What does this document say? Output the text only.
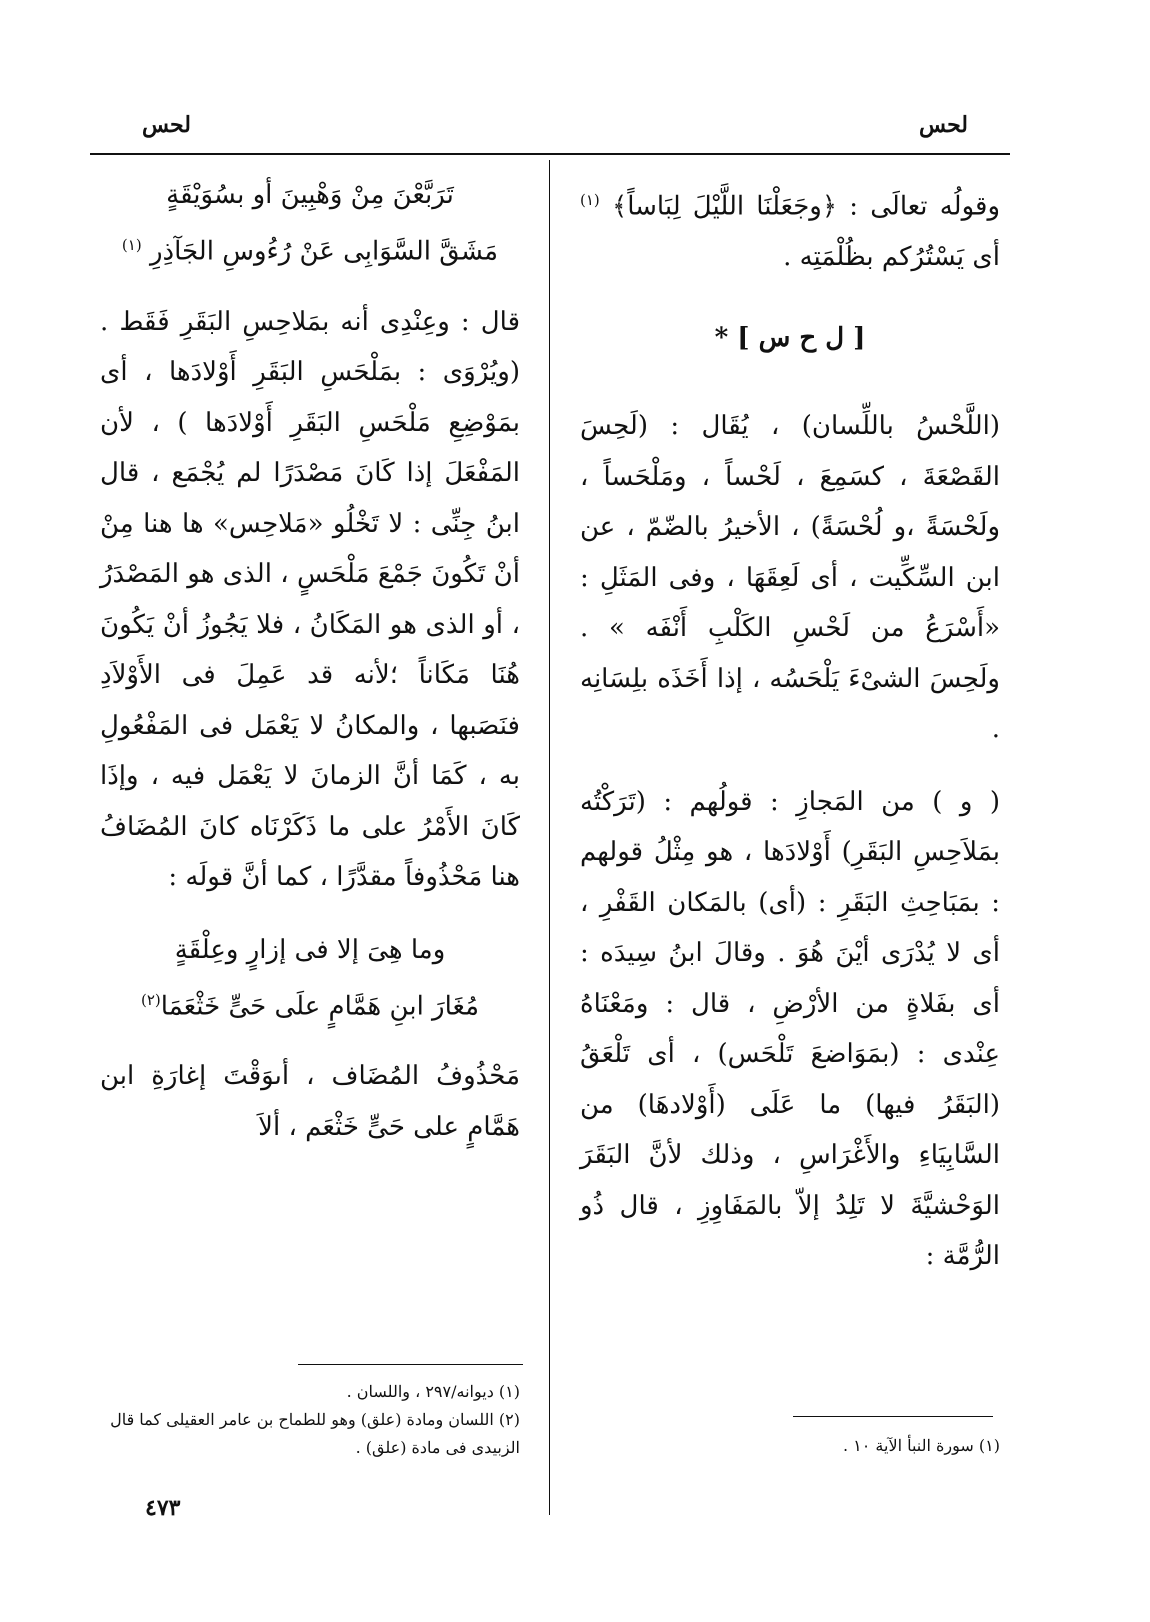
لحس	لحس

وقولُه تعالَى : ﴿وجَعَلْنَا اللَّيْلَ لِبَاساً﴾ $^{(١)}$ أى يَسْتُرُكم بظُلْمَتِه .

[ ل ح س ] *

(اللَّحْسُ باللِّسان) ، يُقَال : (لَحِسَ القَصْعَةَ ، كسَمِعَ ، لَحْساً ، ومَلْحَساً ، ولَحْسَةً ،و لُحْسَةً) ، الأخيرُ بالضّمّ ، عن ابن السِّكِّيت ، أى لَعِقَهَا ، وفى المَثَلِ : «أَسْرَعُ من لَحْسِ الكَلْبِ أَنْفَه » . ولَحِسَ الشىْءَ يَلْحَسُه ، إذا أَخَذَه بلِسَانِه .

( و ) من المَجازِ : قولُهم : (تَرَكْتُه بمَلاَحِسِ البَقَرِ) أَوْلادَها ، هو مِثْلُ قولهم : بمَبَاحِثِ البَقَرِ : (أى) بالمَكان القَفْرِ ، أى لا يُدْرَى أيْنَ هُوَ . وقالَ ابنُ سِيدَه : أى بفَلاةٍ من الأرْضِ ، قال : ومَعْنَاهُ عِنْدى : (بمَوَاضعَ تَلْحَس) ، أى تَلْعَقُ (البَقَرُ فيها) ما عَلَى (أَوْلادهَا) من السَّابِيَاءِ والأَغْرَاسِ ، وذلك لأنَّ البَقَرَ الوَحْشيَّةَ لا تَلِدُ إلاّ بالمَفَاوِزِ ، قال ذُو الرُّمَّة :

(١) سورة النبأ الآية ١٠ .
تَرَبَّعْنَ مِنْ وَهْبِينَ أو بسُوَيْقَةٍ
مَشَقَّ السَّوَابِى عَنْ رُءُوسِ الجَآذِرِ $^{(١)}$

قال : وعِنْدِى أنه بمَلاحِسِ البَقَرِ فَقَط . (ويُرْوَى : بمَلْحَسِ البَقَرِ أَوْلادَها ، أى بمَوْضِعِ مَلْحَسِ البَقَرِ أَوْلادَها ) ، لأن المَفْعَلَ إذا كَانَ مَصْدَرًا لم يُجْمَع ، قال ابنُ جِنِّى : لا تَخْلُو «مَلاحِس» ها هنا مِنْ أنْ تَكُونَ جَمْعَ مَلْحَسٍ ، الذى هو المَصْدَرُ ، أو الذى هو المَكَانُ ، فلا يَجُوزُ أنْ يَكُونَ هُنَا مَكَاناً ؛لأنه قد عَمِلَ فى الأَوْلاَدِ فنَصَبها ، والمكانُ لا يَعْمَل فى المَفْعُولِ به ، كَمَا أنَّ الزمانَ لا يَعْمَل فيه ، وإذَا كَانَ الأَمْرُ على ما ذَكَرْنَاه كانَ المُضَافُ هنا مَحْذُوفاً مقدَّرًا ، كما أنَّ قولَه :

وما هِىَ إلا فى إزارٍ وعِلْقَةٍ
مُغَارَ ابنِ هَمَّامٍ علَى حَىٍّ خَثْعَمَا$^{(٢)}$

مَحْذُوفُ المُضَاف ، أىوَقْتَ إغارَةِ ابن هَمَّامٍ على حَىٍّ خَثْعَم ، ألاَ

(١) ديوانه/٢٩٧ ، واللسان .
(٢) اللسان ومادة (علق) وهو للطماح بن عامر العقيلى كما قال الزبيدى فى مادة (علق) .
٤٧٣
